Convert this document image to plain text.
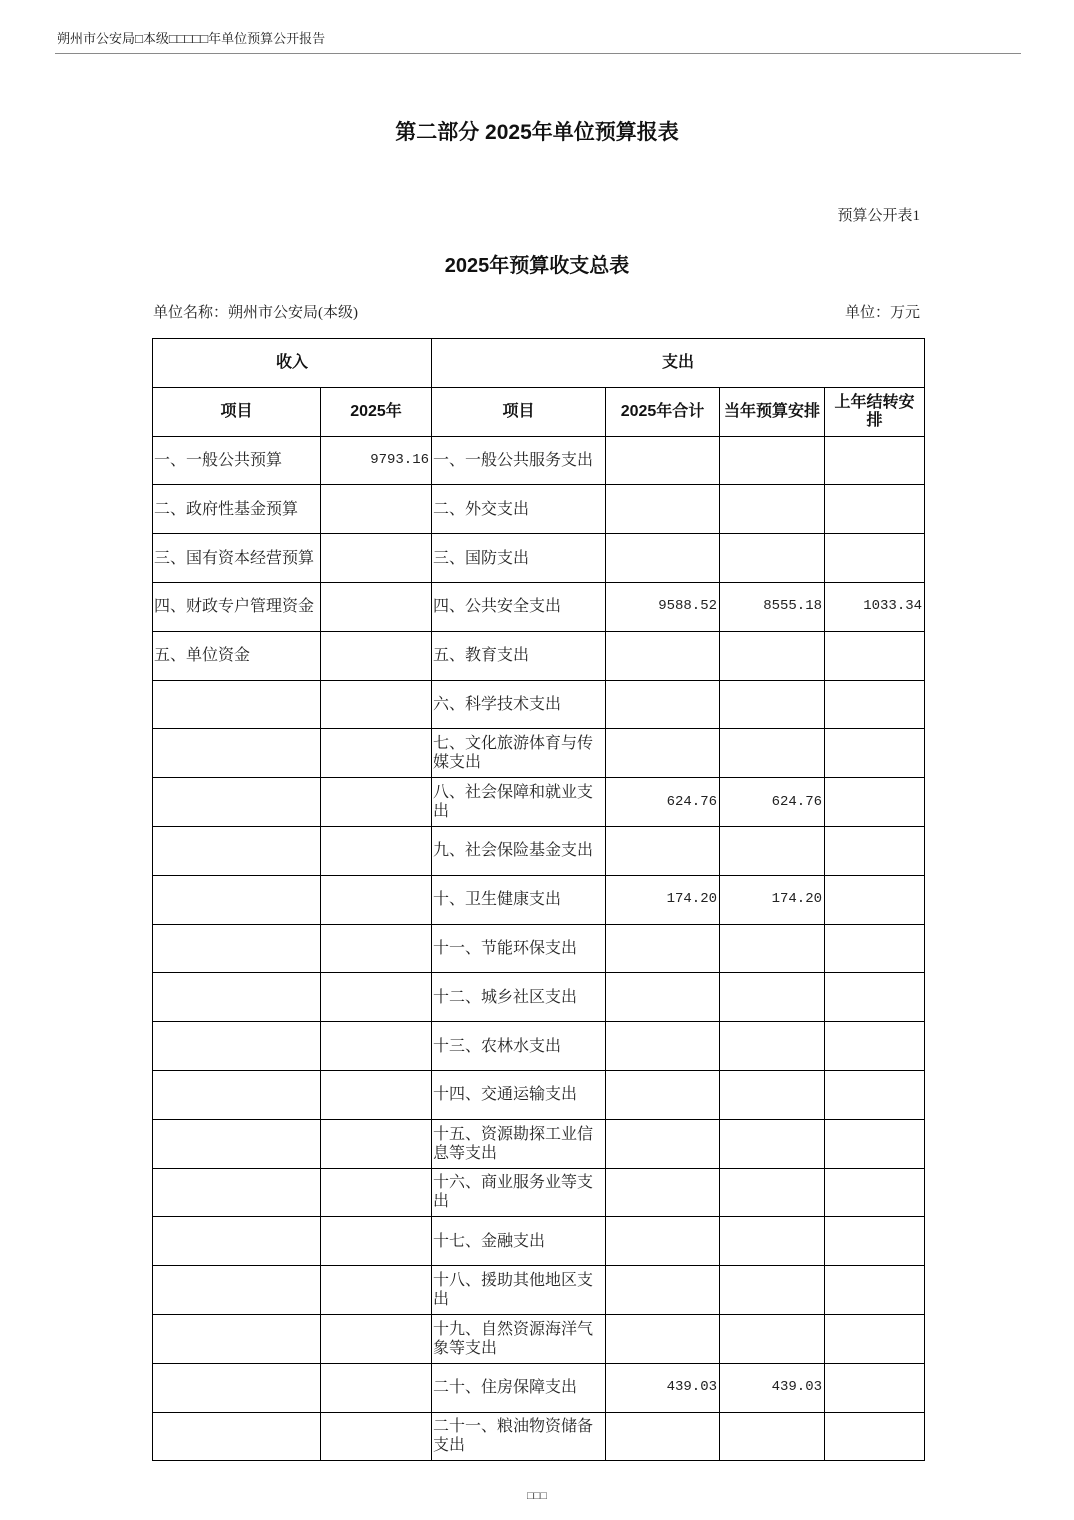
朔州市公安局□本级□□□□□年单位预算公开报告
第二部分 2025年单位预算报表
预算公开表1
2025年预算收支总表
单位名称：朔州市公安局(本级)	单位：万元
收入		支出			
项目	2025年	项目	2025年合计	当年预算安排	上年结转安排
一、一般公共预算	9793.16	一、一般公共服务支出			
二、政府性基金预算		二、外交支出			
三、国有资本经营预算		三、国防支出			
四、财政专户管理资金		四、公共安全支出	9588.52	8555.18	1033.34
五、单位资金		五、教育支出			
		六、科学技术支出			
		七、文化旅游体育与传媒支出			
		八、社会保障和就业支出	624.76	624.76	
		九、社会保险基金支出			
		十、卫生健康支出	174.20	174.20	
		十一、节能环保支出			
		十二、城乡社区支出			
		十三、农林水支出			
		十四、交通运输支出			
		十五、资源勘探工业信息等支出			
		十六、商业服务业等支出			
		十七、金融支出			
		十八、援助其他地区支出			
		十九、自然资源海洋气象等支出			
		二十、住房保障支出	439.03	439.03	
		二十一、粮油物资储备支出			
□□□
